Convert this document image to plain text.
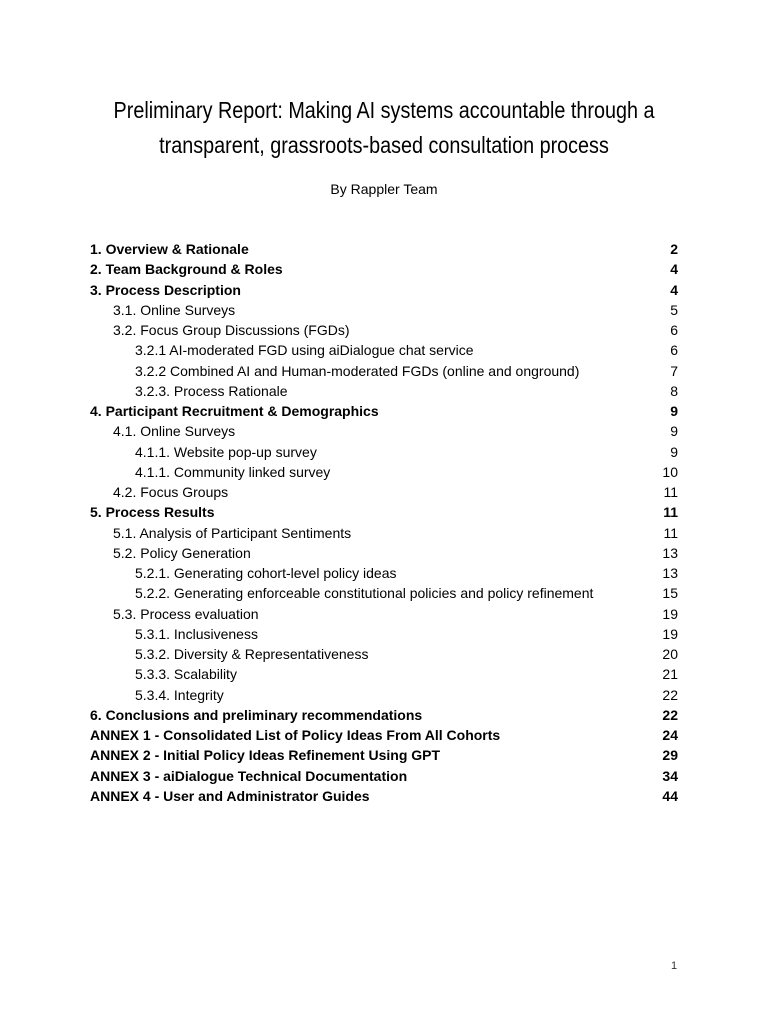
Preliminary Report: Making AI systems accountable through a
transparent, grassroots-based consultation process
By Rappler Team
1. Overview & Rationale	2
2. Team Background & Roles	4
3. Process Description	4
3.1. Online Surveys	5
3.2. Focus Group Discussions (FGDs)	6
3.2.1 AI-moderated FGD using aiDialogue chat service	6
3.2.2 Combined AI and Human-moderated FGDs (online and onground)	7
3.2.3. Process Rationale	8
4. Participant Recruitment & Demographics	9
4.1. Online Surveys	9
4.1.1. Website pop-up survey	9
4.1.1. Community linked survey	10
4.2. Focus Groups	11
5. Process Results	11
5.1. Analysis of Participant Sentiments	11
5.2. Policy Generation	13
5.2.1. Generating cohort-level policy ideas	13
5.2.2. Generating enforceable constitutional policies and policy refinement	15
5.3. Process evaluation	19
5.3.1. Inclusiveness	19
5.3.2. Diversity & Representativeness	20
5.3.3. Scalability	21
5.3.4. Integrity	22
6. Conclusions and preliminary recommendations	22
ANNEX 1 - Consolidated List of Policy Ideas From All Cohorts	24
ANNEX 2 - Initial Policy Ideas Refinement Using GPT	29
ANNEX 3 - aiDialogue Technical Documentation	34
ANNEX 4 - User and Administrator Guides	44
1
